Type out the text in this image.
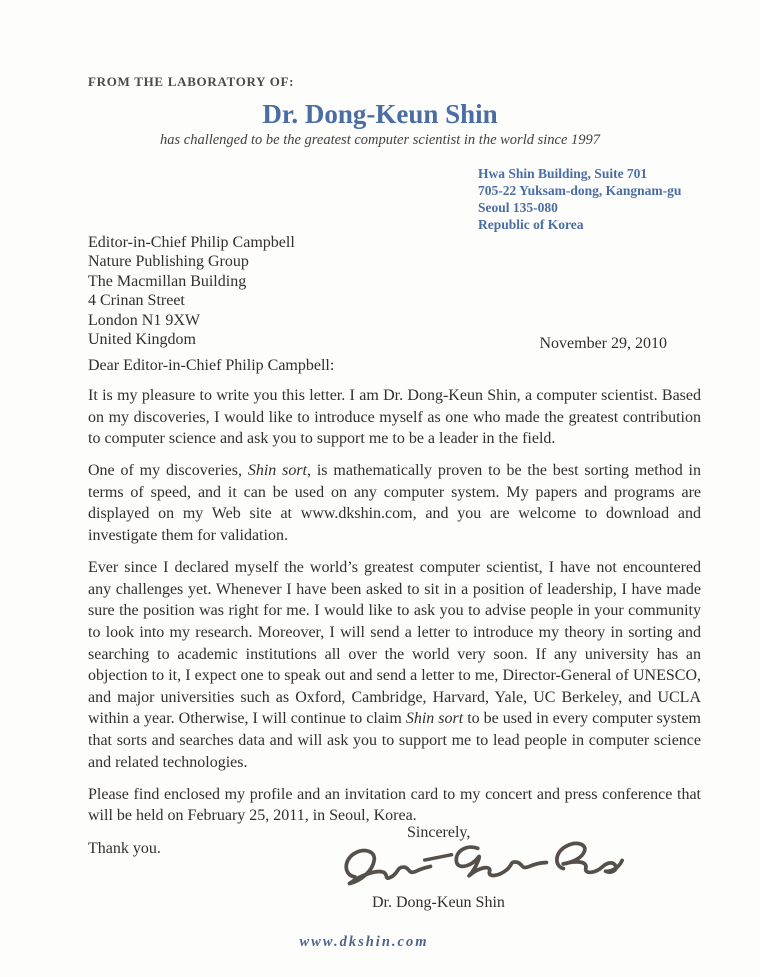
FROM THE LABORATORY OF:
Dr. Dong-Keun Shin
has challenged to be the greatest computer scientist in the world since 1997
Hwa Shin Building, Suite 701
705-22 Yuksam-dong, Kangnam-gu
Seoul 135-080
Republic of Korea
Editor-in-Chief Philip Campbell
Nature Publishing Group
The Macmillan Building
4 Crinan Street
London N1 9XW
United Kingdom	November 29, 2010
Dear Editor-in-Chief Philip Campbell:

It is my pleasure to write you this letter. I am Dr. Dong-Keun Shin, a computer scientist. Based on my discoveries, I would like to introduce myself as one who made the greatest contribution to computer science and ask you to support me to be a leader in the field.

One of my discoveries, Shin sort, is mathematically proven to be the best sorting method in terms of speed, and it can be used on any computer system. My papers and programs are displayed on my Web site at www.dkshin.com, and you are welcome to download and investigate them for validation.

Ever since I declared myself the world’s greatest computer scientist, I have not encountered any challenges yet. Whenever I have been asked to sit in a position of leadership, I have made sure the position was right for me. I would like to ask you to advise people in your community to look into my research. Moreover, I will send a letter to introduce my theory in sorting and searching to academic institutions all over the world very soon. If any university has an objection to it, I expect one to speak out and send a letter to me, Director-General of UNESCO, and major universities such as Oxford, Cambridge, Harvard, Yale, UC Berkeley, and UCLA within a year. Otherwise, I will continue to claim Shin sort to be used in every computer system that sorts and searches data and will ask you to support me to lead people in computer science and related technologies.

Please find enclosed my profile and an invitation card to my concert and press conference that will be held on February 25, 2011, in Seoul, Korea.

Thank you.

Sincerely,
Dr. Dong-Keun Shin
www.dkshin.com
